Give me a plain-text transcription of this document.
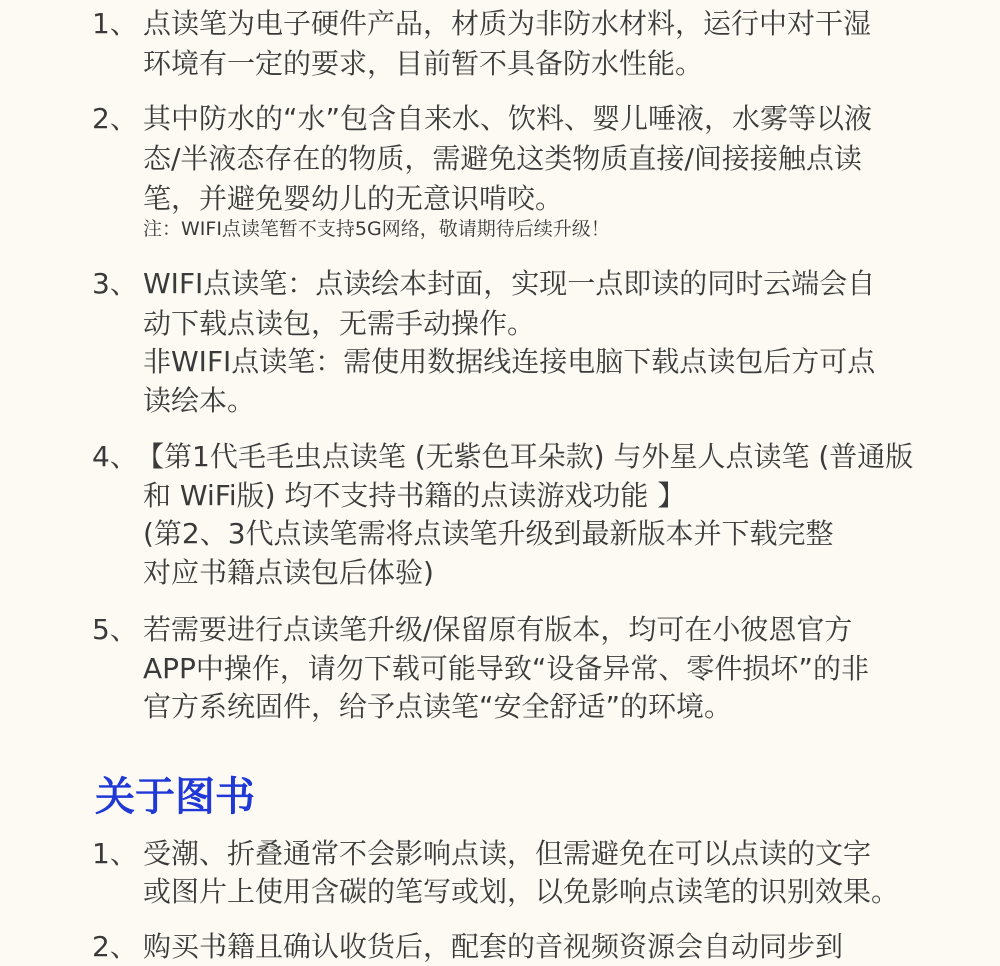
1、 点读笔为电子硬件产品，材质为非防水材料，运行中对干湿
环境有一定的要求，目前暂不具备防水性能。
2、 其中防水的“水”包含自来水、饮料、婴儿唾液，水雾等以液
态/半液态存在的物质，需避免这类物质直接/间接接触点读
笔，并避免婴幼儿的无意识啃咬。
注：WIFI点读笔暂不支持5G网络，敬请期待后续升级！
3、 WIFI点读笔：点读绘本封面，实现一点即读的同时云端会自
动下载点读包，无需手动操作。
非WIFI点读笔：需使用数据线连接电脑下载点读包后方可点
读绘本。
4、
【第1代毛毛虫点读笔 (无紫色耳朵款) 与外星人点读笔 (普通版
和 WiFi版) 均不支持书籍的点读游戏功能 】
(第2、3代点读笔需将点读笔升级到最新版本并下载完整
对应书籍点读包后体验)
5、 若需要进行点读笔升级/保留原有版本，均可在小彼恩官方
APP中操作，请勿下载可能导致“设备异常、零件损坏”的非
官方系统固件，给予点读笔“安全舒适”的环境。
关于图书
1、 受潮、折叠通常不会影响点读，但需避免在可以点读的文字
或图片上使用含碳的笔写或划，以免影响点读笔的识别效果。
2、 购买书籍且确认收货后，配套的音视频资源会自动同步到
